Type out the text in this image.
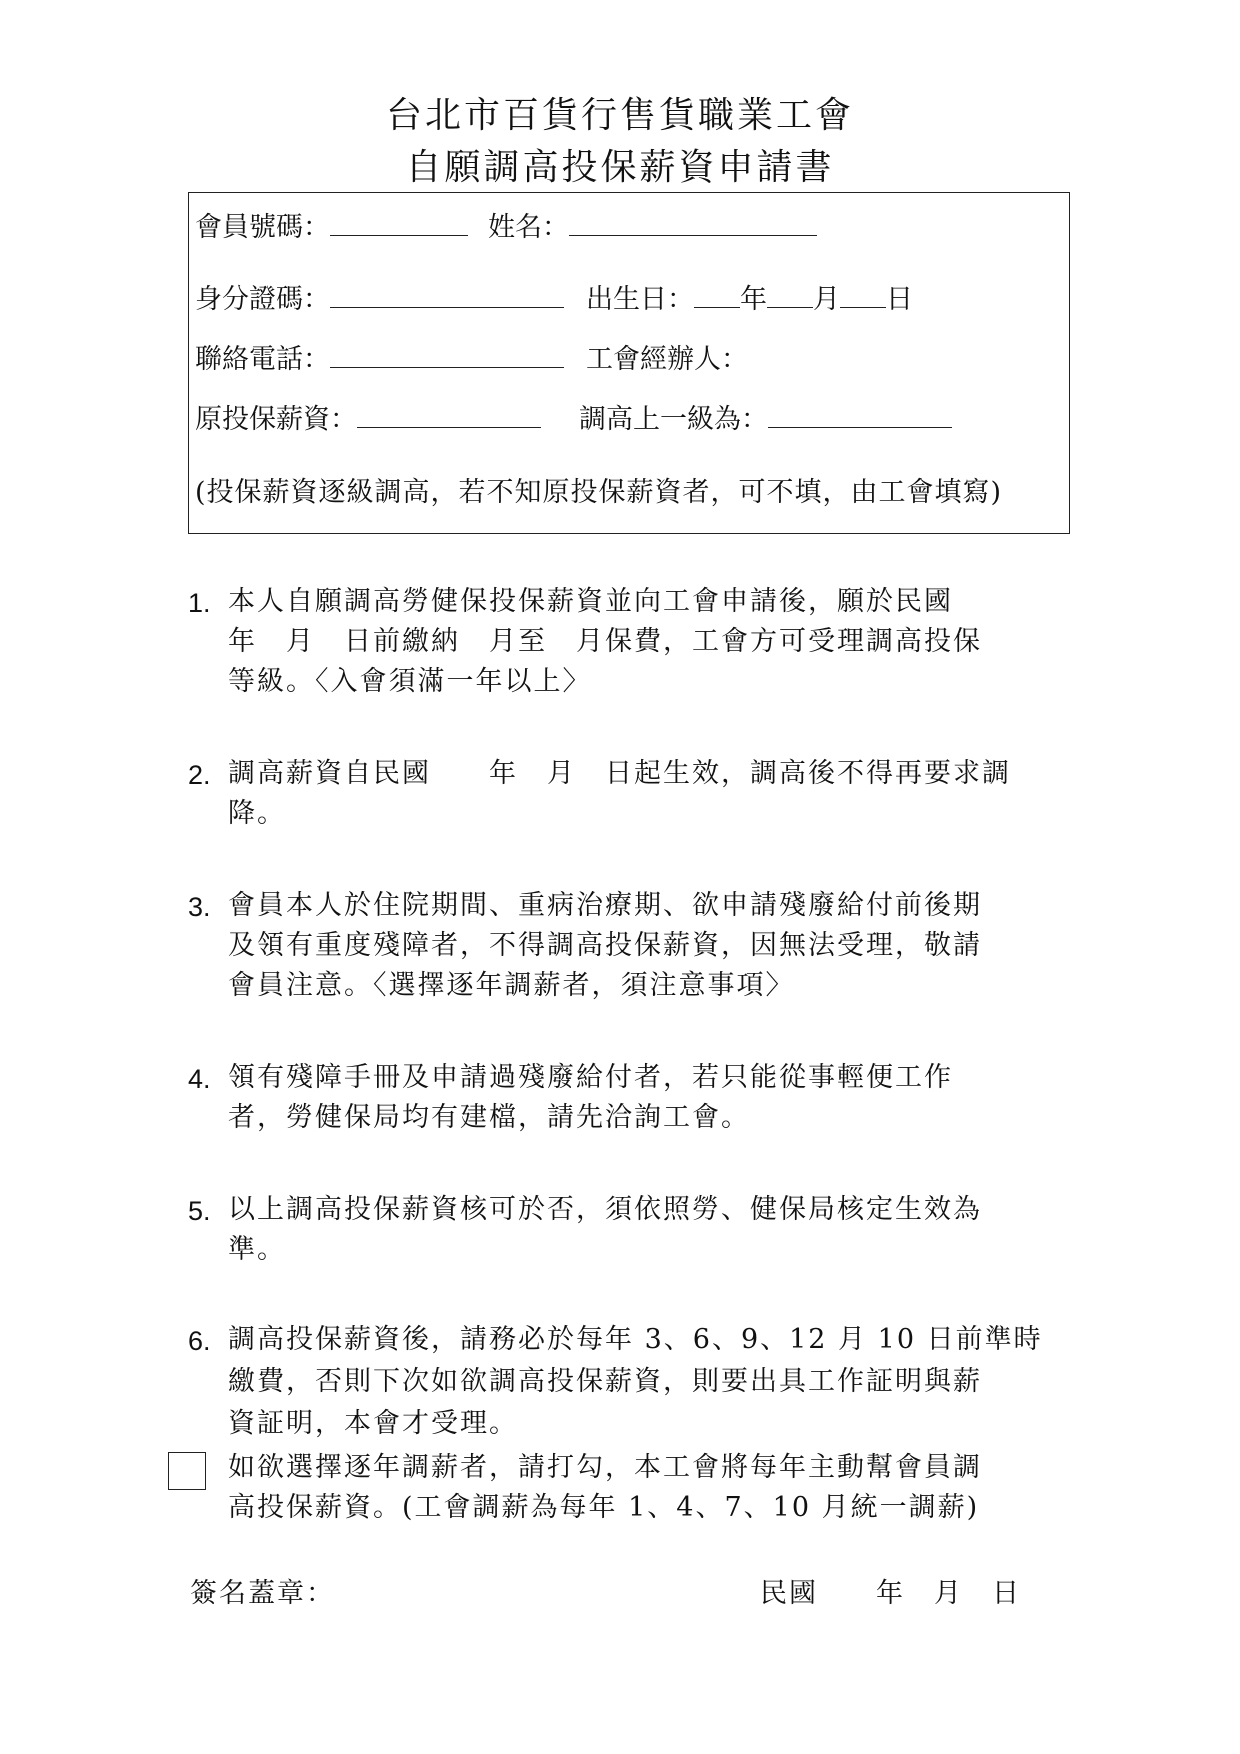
台北市百貨行售貨職業工會
自願調高投保薪資申請書
會員號碼：	姓名：
身分證碼：	出生日： 年 月 日
聯絡電話：	工會經辦人：
原投保薪資：	調高上一級為：
(投保薪資逐級調高，若不知原投保薪資者，可不填，由工會填寫)
1. 本人自願調高勞健保投保薪資並向工會申請後，願於民國
年　月　日前繳納　月至　月保費，工會方可受理調高投保
等級。〈入會須滿一年以上〉
2. 調高薪資自民國　　年　月　日起生效，調高後不得再要求調
降。
3. 會員本人於住院期間、重病治療期、欲申請殘廢給付前後期
及領有重度殘障者，不得調高投保薪資，因無法受理，敬請
會員注意。〈選擇逐年調薪者，須注意事項〉
4. 領有殘障手冊及申請過殘廢給付者，若只能從事輕便工作
者，勞健保局均有建檔，請先洽詢工會。
5. 以上調高投保薪資核可於否，須依照勞、健保局核定生效為
準。
6. 調高投保薪資後，請務必於每年 3、6、9、12 月 10 日前準時
繳費，否則下次如欲調高投保薪資，則要出具工作証明與薪
資証明，本會才受理。
如欲選擇逐年調薪者，請打勾，本工會將每年主動幫會員調
高投保薪資。(工會調薪為每年 1、4、7、10 月統一調薪)
簽名蓋章：	民國　　年　月　日
